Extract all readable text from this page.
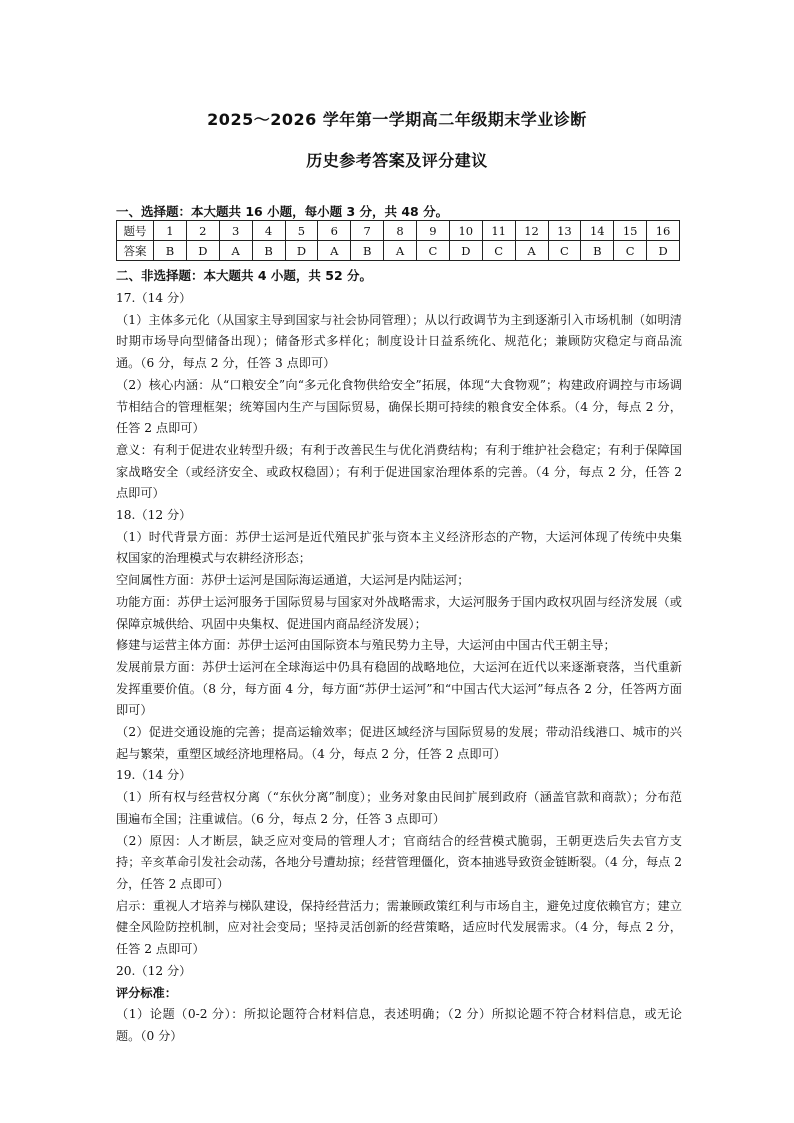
2025～2026 学年第一学期高二年级期末学业诊断
历史参考答案及评分建议
一、选择题：本大题共 16 小题，每小题 3 分，共 48 分。
题号	1	2	3	4	5	6	7	8	9	10	11	12	13	14	15	16
答案	B	D	A	B	D	A	B	A	C	D	C	A	C	B	C	D
二、非选择题：本大题共 4 小题，共 52 分。

17.（14 分）

（1）主体多元化（从国家主导到国家与社会协同管理）；从以行政调节为主到逐渐引入市场机制（如明清时期市场导向型储备出现）；储备形式多样化；制度设计日益系统化、规范化；兼顾防灾稳定与商品流通。（6 分，每点 2 分，任答 3 点即可）

（2）核心内涵：从“口粮安全”向“多元化食物供给安全”拓展，体现“大食物观”；构建政府调控与市场调节相结合的管理框架；统筹国内生产与国际贸易，确保长期可持续的粮食安全体系。（4 分，每点 2 分，任答 2 点即可）

意义：有利于促进农业转型升级；有利于改善民生与优化消费结构；有利于维护社会稳定；有利于保障国家战略安全（或经济安全、或政权稳固）；有利于促进国家治理体系的完善。（4 分，每点 2 分，任答 2 点即可）

18.（12 分）

（1）时代背景方面：苏伊士运河是近代殖民扩张与资本主义经济形态的产物，大运河体现了传统中央集权国家的治理模式与农耕经济形态；

空间属性方面：苏伊士运河是国际海运通道，大运河是内陆运河；

功能方面：苏伊士运河服务于国际贸易与国家对外战略需求，大运河服务于国内政权巩固与经济发展（或保障京城供给、巩固中央集权、促进国内商品经济发展）；

修建与运营主体方面：苏伊士运河由国际资本与殖民势力主导，大运河由中国古代王朝主导；

发展前景方面：苏伊士运河在全球海运中仍具有稳固的战略地位，大运河在近代以来逐渐衰落，当代重新发挥重要价值。（8 分，每方面 4 分，每方面“苏伊士运河”和“中国古代大运河”每点各 2 分，任答两方面即可）

（2）促进交通设施的完善；提高运输效率；促进区域经济与国际贸易的发展；带动沿线港口、城市的兴起与繁荣，重塑区域经济地理格局。（4 分，每点 2 分，任答 2 点即可）

19.（14 分）

（1）所有权与经营权分离（“东伙分离”制度）；业务对象由民间扩展到政府（涵盖官款和商款）；分布范围遍布全国；注重诚信。（6 分，每点 2 分，任答 3 点即可）

（2）原因：人才断层，缺乏应对变局的管理人才；官商结合的经营模式脆弱，王朝更迭后失去官方支持；辛亥革命引发社会动荡，各地分号遭劫掠；经营管理僵化，资本抽逃导致资金链断裂。（4 分，每点 2 分，任答 2 点即可）

启示：重视人才培养与梯队建设，保持经营活力；需兼顾政策红利与市场自主，避免过度依赖官方；建立健全风险防控机制，应对社会变局；坚持灵活创新的经营策略，适应时代发展需求。（4 分，每点 2 分，任答 2 点即可）

20.（12 分）

评分标准：

（1）论题（0-2 分）：所拟论题符合材料信息，表述明确；（2 分）所拟论题不符合材料信息，或无论题。（0 分）
